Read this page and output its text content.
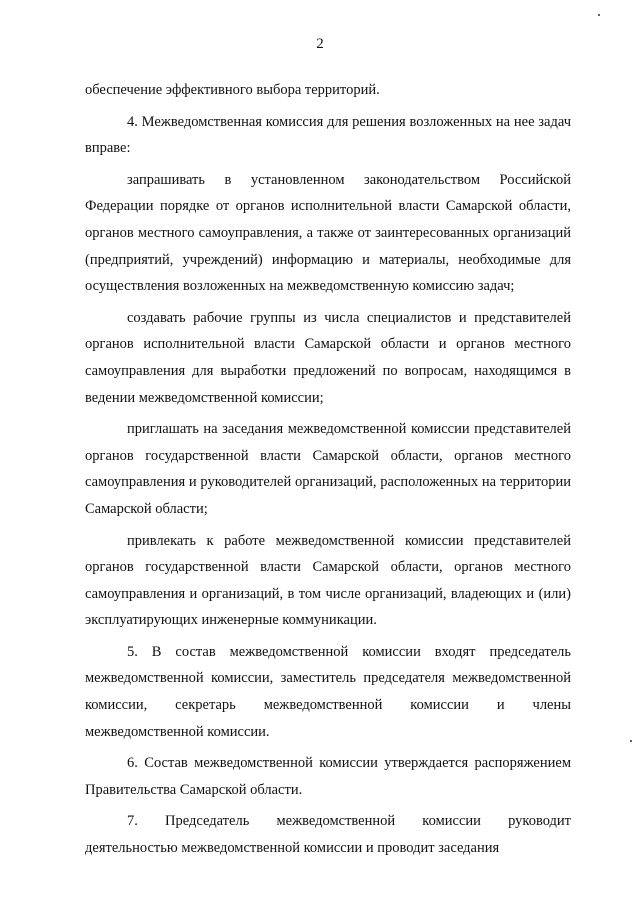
2

обеспечение эффективного выбора территорий.

4. Межведомственная комиссия для решения возложенных на нее задач вправе:

запрашивать в установленном законодательством Российской Федерации порядке от органов исполнительной власти Самарской области, органов местного самоуправления, а также от заинтересованных организаций (предприятий, учреждений) информацию и материалы, необходимые для осуществления возложенных на межведомственную комиссию задач;

создавать рабочие группы из числа специалистов и представителей органов исполнительной власти Самарской области и органов местного самоуправления для выработки предложений по вопросам, находящимся в ведении межведомственной комиссии;

приглашать на заседания межведомственной комиссии представителей органов государственной власти Самарской области, органов местного самоуправления и руководителей организаций, расположенных на территории Самарской области;

привлекать к работе межведомственной комиссии представителей органов государственной власти Самарской области, органов местного самоуправления и организаций, в том числе организаций, владеющих и (или) эксплуатирующих инженерные коммуникации.

5. В состав межведомственной комиссии входят председатель межведомственной комиссии, заместитель председателя межведомственной комиссии, секретарь межведомственной комиссии и члены межведомственной комиссии.

6. Состав межведомственной комиссии утверждается распоряжением Правительства Самарской области.

7. Председатель межведомственной комиссии руководит деятельностью межведомственной комиссии и проводит заседания
